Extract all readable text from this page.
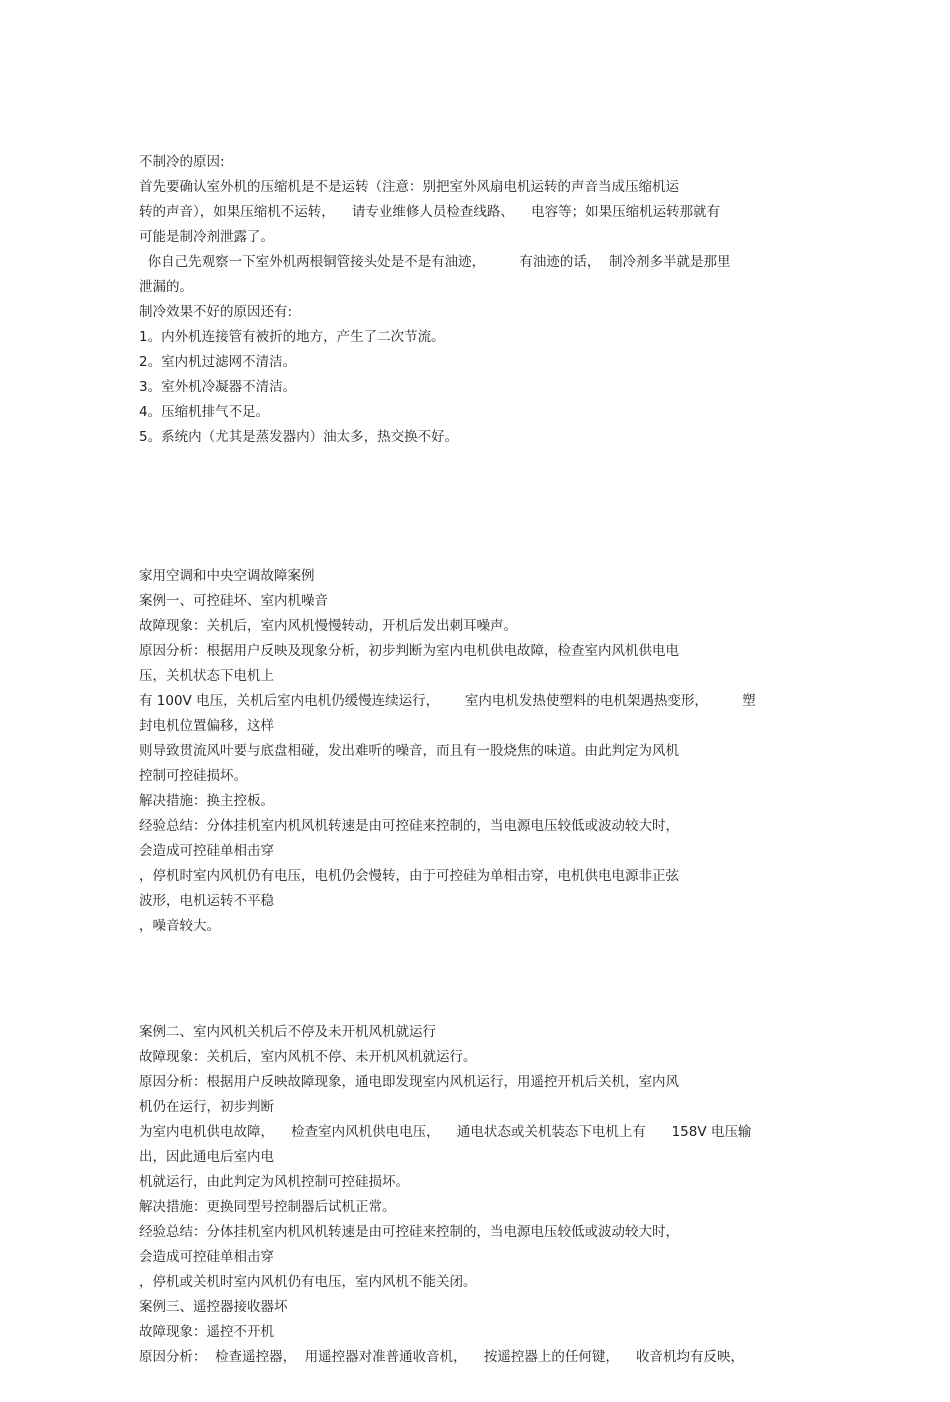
不制冷的原因:
首先要确认室外机的压缩机是不是运转（注意：别把室外风扇电机运转的声音当成压缩机运
转的声音），如果压缩机不运转，    请专业维修人员检查线路、    电容等；如果压缩机运转那就有
可能是制冷剂泄露了。
你自己先观察一下室外机两根铜管接头处是不是有油迹，        有油迹的话，  制冷剂多半就是那里
泄漏的。
制冷效果不好的原因还有:
1。内外机连接管有被折的地方，产生了二次节流。
2。室内机过滤网不清洁。
3。室外机冷凝器不清洁。
4。压缩机排气不足。
5。系统内（尤其是蒸发器内）油太多，热交换不好。

家用空调和中央空调故障案例
案例一、可控硅坏、室内机噪音
故障现象：关机后，室内风机慢慢转动，开机后发出刺耳噪声。
原因分析：根据用户反映及现象分析，初步判断为室内电机供电故障，检查室内风机供电电
压，关机状态下电机上
有 100V 电压，关机后室内电机仍缓慢连续运行，      室内电机发热使塑料的电机架遇热变形，        塑
封电机位置偏移，这样
则导致贯流风叶要与底盘相碰，发出难听的噪音，而且有一股烧焦的味道。由此判定为风机
控制可控硅损坏。
解决措施：换主控板。
经验总结：分体挂机室内机风机转速是由可控硅来控制的，当电源电压较低或波动较大时，
会造成可控硅单相击穿
，停机时室内风机仍有电压，电机仍会慢转，由于可控硅为单相击穿，电机供电电源非正弦
波形，电机运转不平稳
，噪音较大。

案例二、室内风机关机后不停及未开机风机就运行
故障现象：关机后，室内风机不停、未开机风机就运行。
原因分析：根据用户反映故障现象，通电即发现室内风机运行，用遥控开机后关机，室内风
机仍在运行，初步判断
为室内电机供电故障，    检查室内风机供电电压，    通电状态或关机装态下电机上有      158V 电压输
出，因此通电后室内电
机就运行，由此判定为风机控制可控硅损坏。
解决措施：更换同型号控制器后试机正常。
经验总结：分体挂机室内机风机转速是由可控硅来控制的，当电源电压较低或波动较大时，
会造成可控硅单相击穿
，停机或关机时室内风机仍有电压，室内风机不能关闭。
案例三、遥控器接收器坏
故障现象：遥控不开机
原因分析：  检查遥控器，  用遥控器对准普通收音机，    按遥控器上的任何键，    收音机均有反映，
